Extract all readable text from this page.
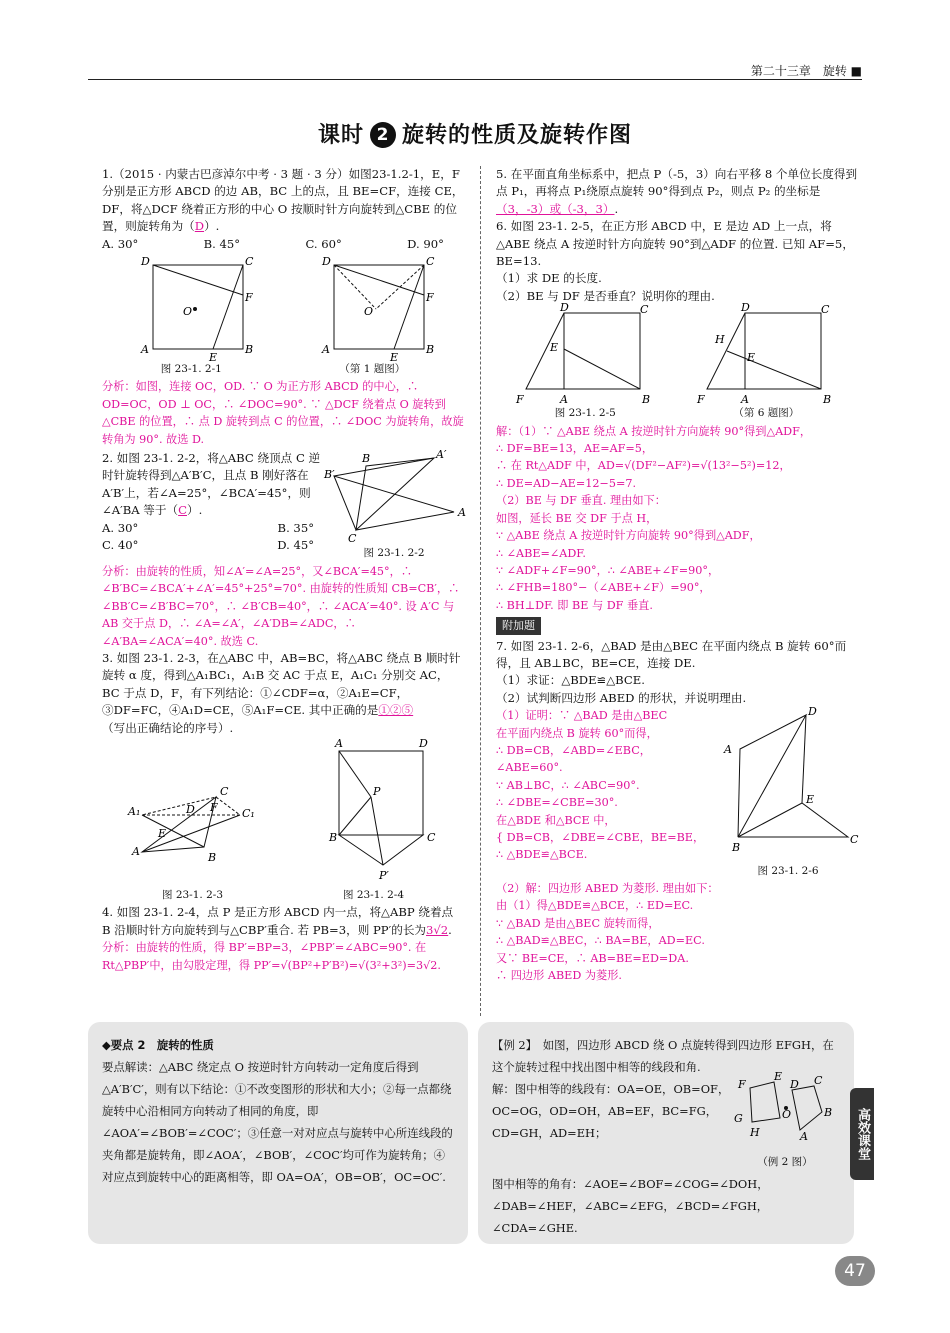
第二十三章　旋转 ■
课时 2 旋转的性质及旋转作图
1.（2015 · 内蒙古巴彦淖尔中考 · 3 题 · 3 分）如图23-1.2-1，E，F 分别是正方形 ABCD 的边 AB，BC 上的点，且 BE=CF，连接 CE，DF，将△DCF 绕着正方形的中心 O 按顺时针方向旋转到△CBE 的位置，则旋转角为（D）.
A. 30°	B. 45°	C. 60°	D. 90°
D	C
A	B
F
E
O
D	C
A	B
F
E
O
图 23-1. 2-1	（第 1 题图）
分析：如图，连接 OC，OD. ∵ O 为正方形 ABCD 的中心，∴ OD=OC，OD ⊥ OC，∴ ∠DOC=90°. ∵ △DCF 绕着点 O 旋转到△CBE 的位置，∴ 点 D 旋转到点 C 的位置，∴ ∠DOC 为旋转角，故旋转角为 90°. 故选 D.
2. 如图 23-1. 2-2，将△ABC 绕顶点 C 逆时针旋转得到△A′B′C，且点 B 刚好落在 A′B′上，若∠A=25°，∠BCA′=45°，则∠A′BA 等于（C）.
A. 30°	B. 35°
C. 40°	D. 45°	C
B′
A
B	A′
图 23-1. 2-2
分析：由旋转的性质，知∠A′=∠A=25°，又∠BCA′=45°，∴ ∠B′BC=∠BCA′+∠A′=45°+25°=70°. 由旋转的性质知 CB=CB′，∴ ∠BB′C=∠B′BC=70°，∴ ∠B′CB=40°，∴ ∠ACA′=40°. 设 A′C 与 AB 交于点 D，∴ ∠A=∠A′，∠A′DB=∠ADC，∴ ∠A′BA=∠ACA′=40°. 故选 C.
3. 如图 23-1. 2-3，在△ABC 中，AB=BC，将△ABC 绕点 B 顺时针旋转 α 度，得到△A₁BC₁，A₁B 交 AC 于点 E，A₁C₁ 分别交 AC，BC 于点 D，F，有下列结论：①∠CDF=α，②A₁E=CF，③DF=FC，④A₁D=CE，⑤A₁F=CE. 其中正确的是①②⑤
（写出正确结论的序号）.
A	B
C
A₁	C₁
D F
E
A	D
P
B	C
P′
图 23-1. 2-3	图 23-1. 2-4
4. 如图 23-1. 2-4，点 P 是正方形 ABCD 内一点，将△ABP 绕着点 B 沿顺时针方向旋转到与△CBP′重合. 若 PB=3，则 PP′的长为3√2.
分析：由旋转的性质，得 BP′=BP=3，∠PBP′=∠ABC=90°. 在 Rt△PBP′中，由勾股定理，得 PP′=√(BP²+P′B²)=√(3²+3²)=3√2.
5. 在平面直角坐标系中，把点 P（-5，3）向右平移 8 个单位长度得到点 P₁，再将点 P₁绕原点旋转 90°得到点 P₂，则点 P₂ 的坐标是（3，-3）或（-3，3）.
6. 如图 23-1. 2-5，在正方形 ABCD 中，E 是边 AD 上一点，将△ABE 绕点 A 按逆时针方向旋转 90°到△ADF 的位置. 已知 AF=5，BE=13.
（1）求 DE 的长度.
（2）BE 与 DF 是否垂直？说明你的理由.
D	C
E
A
F	B
D	C
E
H
A
F	B
图 23-1. 2-5	（第 6 题图）
解：（1）∵ △ABE 绕点 A 按逆时针方向旋转 90°得到△ADF，
∴ DF=BE=13，AE=AF=5，
∴ 在 Rt△ADF 中，AD=√(DF²−AF²)=√(13²−5²)=12，
∴ DE=AD−AE=12−5=7.
（2）BE 与 DF 垂直. 理由如下：
如图，延长 BE 交 DF 于点 H，
∵ △ABE 绕点 A 按逆时针方向旋转 90°得到△ADF，
∴ ∠ABE=∠ADF.
∵ ∠ADF+∠F=90°，∴ ∠ABE+∠F=90°，
∴ ∠FHB=180°−（∠ABE+∠F）=90°，
∴ BH⊥DF. 即 BE 与 DF 垂直.
附加题
7. 如图 23-1. 2-6，△BAD 是由△BEC 在平面内绕点 B 旋转 60°而得，且 AB⊥BC，BE=CE，连接 DE.
（1）求证：△BDE≌△BCE.
（2）试判断四边形 ABED 的形状，并说明理由.
（1）证明：∵ △BAD 是由△BEC
在平面内绕点 B 旋转 60°而得，
∴ DB=CB，∠ABD=∠EBC，
∠ABE=60°.
∵ AB⊥BC，∴ ∠ABC=90°.
∴ ∠DBE=∠CBE=30°.
在△BDE 和△BCE 中，
{ DB=CB，∠DBE=∠CBE，BE=BE，
∴ △BDE≌△BCE.
A
D
E
B
C
图 23-1. 2-6
（2）解：四边形 ABED 为菱形. 理由如下：
由（1）得△BDE≌△BCE，∴ ED=EC.
∵ △BAD 是由△BEC 旋转而得，
∴ △BAD≌△BEC，∴ BA=BE，AD=EC.
又∵ BE=CE，∴ AB=BE=ED=DA.
∴ 四边形 ABED 为菱形.
◆要点 2　旋转的性质
要点解读：△ABC 绕定点 O 按逆时针方向转动一定角度后得到△A′B′C′，则有以下结论：①不改变图形的形状和大小；②每一点都绕旋转中心沿相同方向转动了相同的角度，即∠AOA′=∠BOB′=∠COC′；③任意一对对应点与旋转中心所连线段的夹角都是旋转角，即∠AOA′，∠BOB′，∠COC′均可作为旋转角；④对应点到旋转中心的距离相等，即 OA=OA′，OB=OB′，OC=OC′.
【例 2】　如图，四边形 ABCD 绕 O 点旋转得到四边形 EFGH，在这个旋转过程中找出图中相等的线段和角.
解：图中相等的线段有：OA=OE，OB=OF，OC=OG，OD=OH，AB=EF，BC=FG，CD=GH，AD=EH；
F
E
G
H
D C
B
A
O
（例 2 图）
图中相等的角有：∠AOE=∠BOF=∠COG=∠DOH，∠DAB=∠HEF，∠ABC=∠EFG，∠BCD=∠FGH，∠CDA=∠GHE.
高效课堂
47
